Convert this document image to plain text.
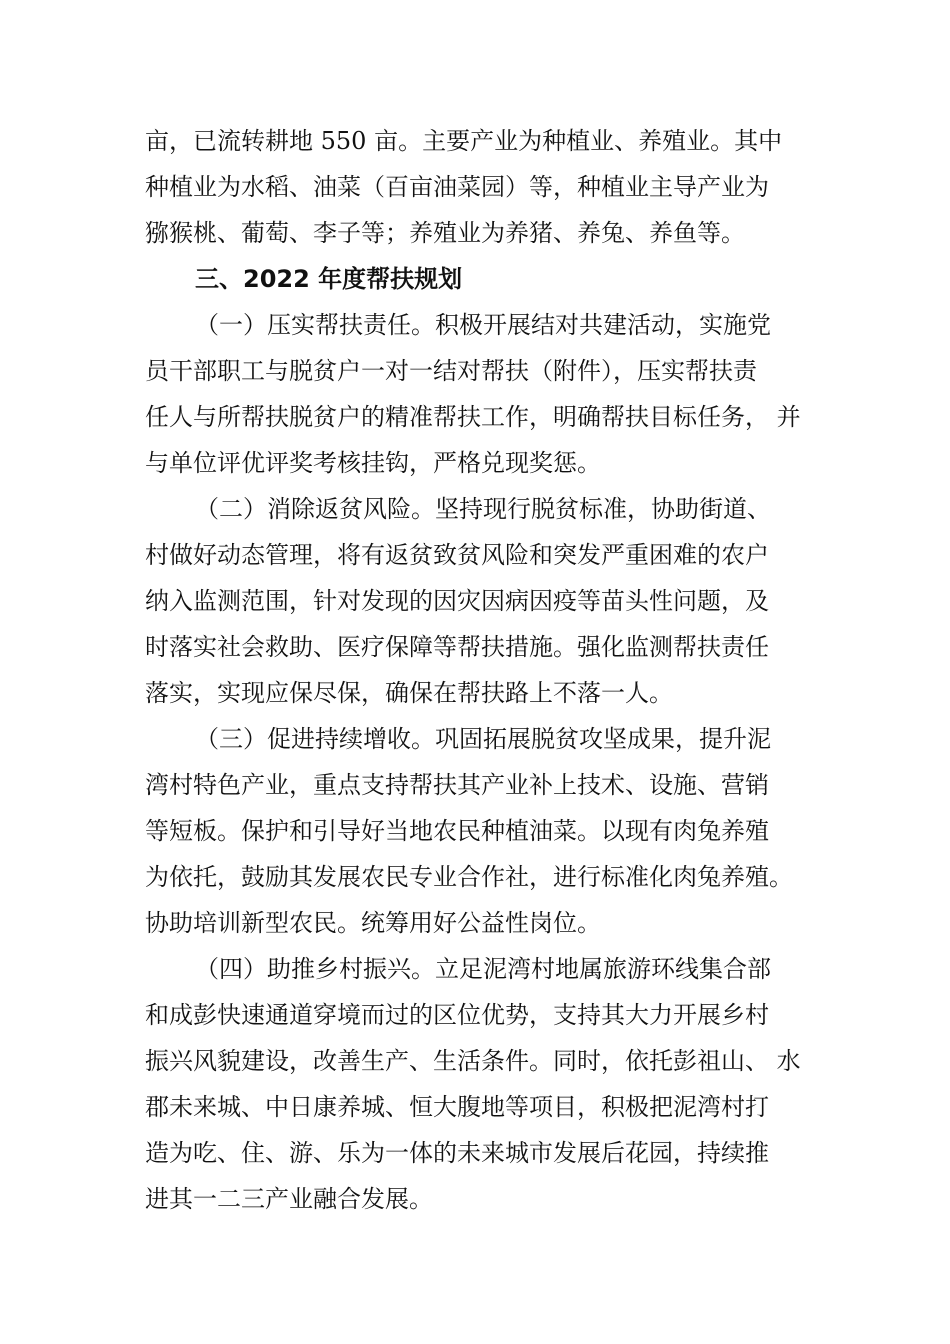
亩，已流转耕地 550 亩。主要产业为种植业、养殖业。其中
种植业为水稻、油菜（百亩油菜园）等，种植业主导产业为
猕猴桃、葡萄、李子等；养殖业为养猪、养兔、养鱼等。
三、2022 年度帮扶规划
（一）压实帮扶责任。积极开展结对共建活动，实施党
员干部职工与脱贫户一对一结对帮扶（附件），压实帮扶责
任人与所帮扶脱贫户的精准帮扶工作，明确帮扶目标任务， 并
与单位评优评奖考核挂钩，严格兑现奖惩。
（二）消除返贫风险。坚持现行脱贫标准，协助街道、
村做好动态管理，将有返贫致贫风险和突发严重困难的农户
纳入监测范围，针对发现的因灾因病因疫等苗头性问题，及
时落实社会救助、医疗保障等帮扶措施。强化监测帮扶责任
落实，实现应保尽保，确保在帮扶路上不落一人。
（三）促进持续增收。巩固拓展脱贫攻坚成果，提升泥
湾村特色产业，重点支持帮扶其产业补上技术、设施、营销
等短板。保护和引导好当地农民种植油菜。以现有肉兔养殖
为依托，鼓励其发展农民专业合作社，进行标准化肉兔养殖。
协助培训新型农民。统筹用好公益性岗位。
（四）助推乡村振兴。立足泥湾村地属旅游环线集合部
和成彭快速通道穿境而过的区位优势，支持其大力开展乡村
振兴风貌建设，改善生产、生活条件。同时，依托彭祖山、 水
郡未来城、中日康养城、恒大腹地等项目，积极把泥湾村打
造为吃、住、游、乐为一体的未来城市发展后花园，持续推
进其一二三产业融合发展。
